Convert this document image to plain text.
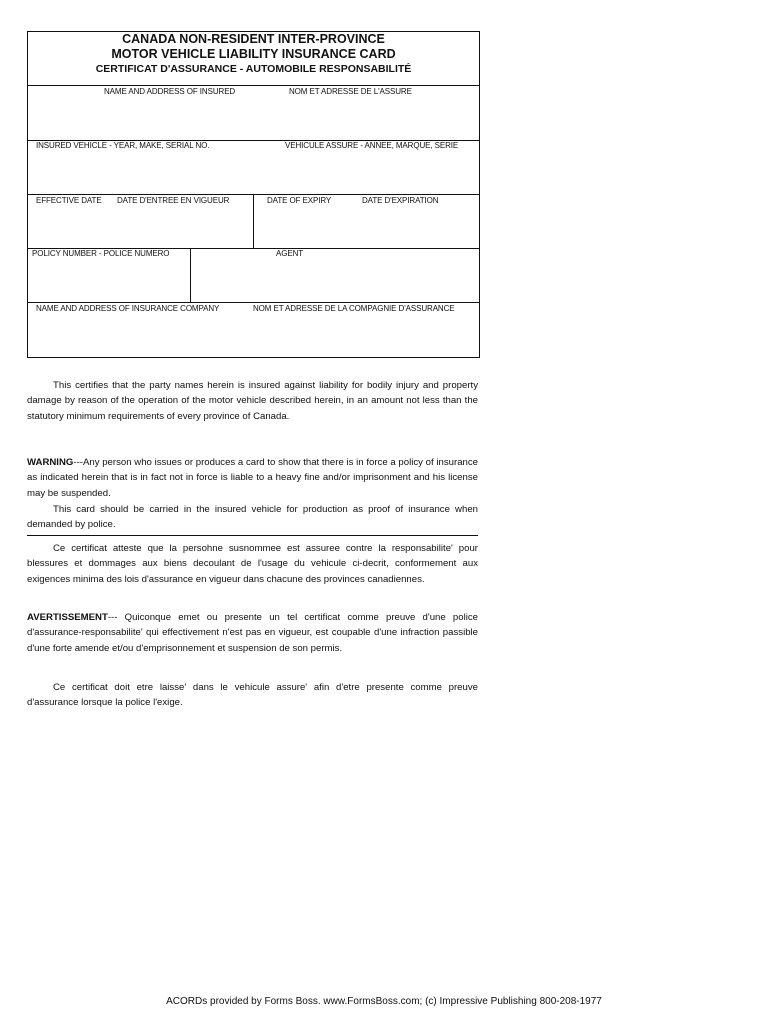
CANADA NON-RESIDENT INTER-PROVINCE
MOTOR VEHICLE LIABILITY INSURANCE CARD
CERTIFICAT D'ASSURANCE - AUTOMOBILE RESPONSABILITÉ
NAME AND ADDRESS OF INSURED	NOM ET ADRESSE DE L'ASSURE
INSURED VEHICLE - YEAR, MAKE, SERIAL NO.	VEHICULE ASSURE - ANNEE, MARQUE, SERIE
EFFECTIVE DATE DATE D'ENTREE EN VIGUEUR	DATE OF EXPIRY	DATE D'EXPIRATION
POLICY NUMBER - POLICE NUMERO	AGENT
NAME AND ADDRESS OF INSURANCE COMPANY	NOM ET ADRESSE DE LA COMPAGNIE D'ASSURANCE

This certifies that the party names herein is insured against liability for bodily injury and property damage by reason of the operation of the motor vehicle described herein, in an amount not less than the statutory minimum requirements of every province of Canada.

WARNING---Any person who issues or produces a card to show that there is in force a policy of insurance as indicated herein that is in fact not in force is liable to a heavy fine and/or imprisonment and his license may be suspended.

This card should be carried in the insured vehicle for production as proof of insurance when demanded by police.

Ce certificat atteste que la persohne susnommee est assuree contre la responsabilite' pour blessures et dommages aux biens decoulant de l'usage du vehicule ci-decrit, conformement aux exigences minima des lois d'assurance en vigueur dans chacune des provinces canadiennes.

AVERTISSEMENT--- Quiconque emet ou presente un tel certificat comme preuve d'une police d'assurance-responsabilite' qui effectivement n'est pas en vigueur, est coupable d'une infraction passible d'une forte amende et/ou d'emprisonnement et suspension de son permis.

Ce certificat doit etre laisse' dans le vehicule assure' afin d'etre presente comme preuve d'assurance lorsque la police l'exige.

ACORDs provided by Forms Boss. www.FormsBoss.com; (c) Impressive Publishing 800-208-1977
